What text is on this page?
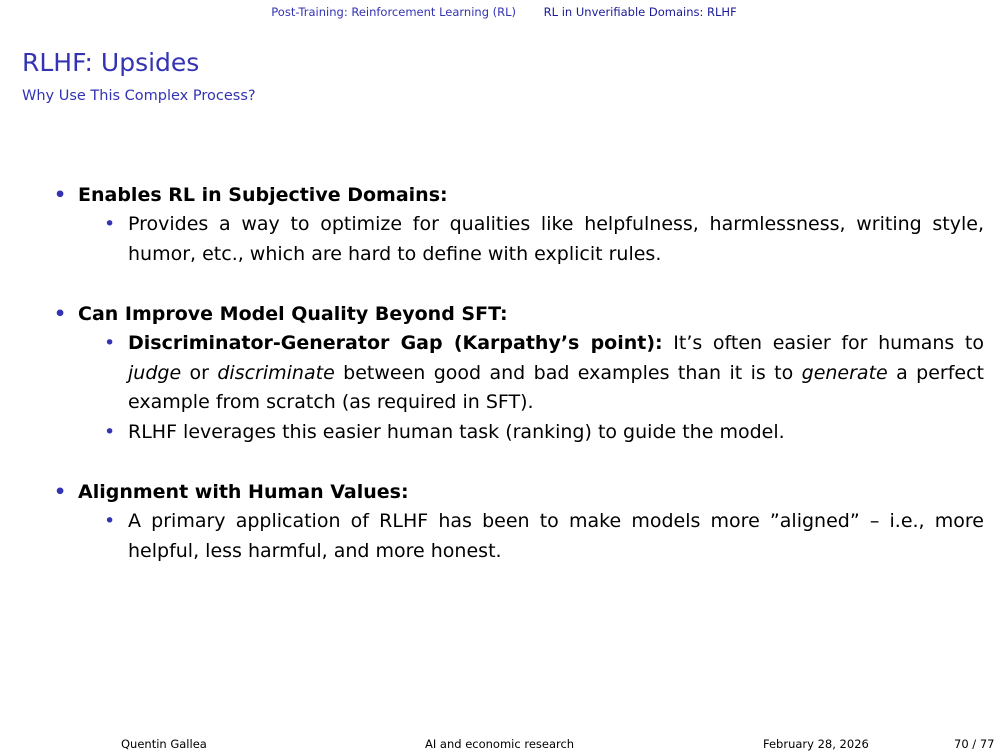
Post-Training: Reinforcement Learning (RL) RL in Unverifiable Domains: RLHF
RLHF: Upsides
Why Use This Complex Process?
• Enables RL in Subjective Domains:
• Provides a way to optimize for qualities like helpfulness, harmlessness, writing style, humor, etc., which are hard to define with explicit rules.
• Can Improve Model Quality Beyond SFT:
• Discriminator-Generator Gap (Karpathy’s point): It’s often easier for humans to judge or discriminate between good and bad examples than it is to generate a perfect example from scratch (as required in SFT).
• RLHF leverages this easier human task (ranking) to guide the model.
• Alignment with Human Values:
• A primary application of RLHF has been to make models more ”aligned” – i.e., more helpful, less harmful, and more honest.
Quentin Gallea	AI and economic research	February 28, 2026	70 / 77
